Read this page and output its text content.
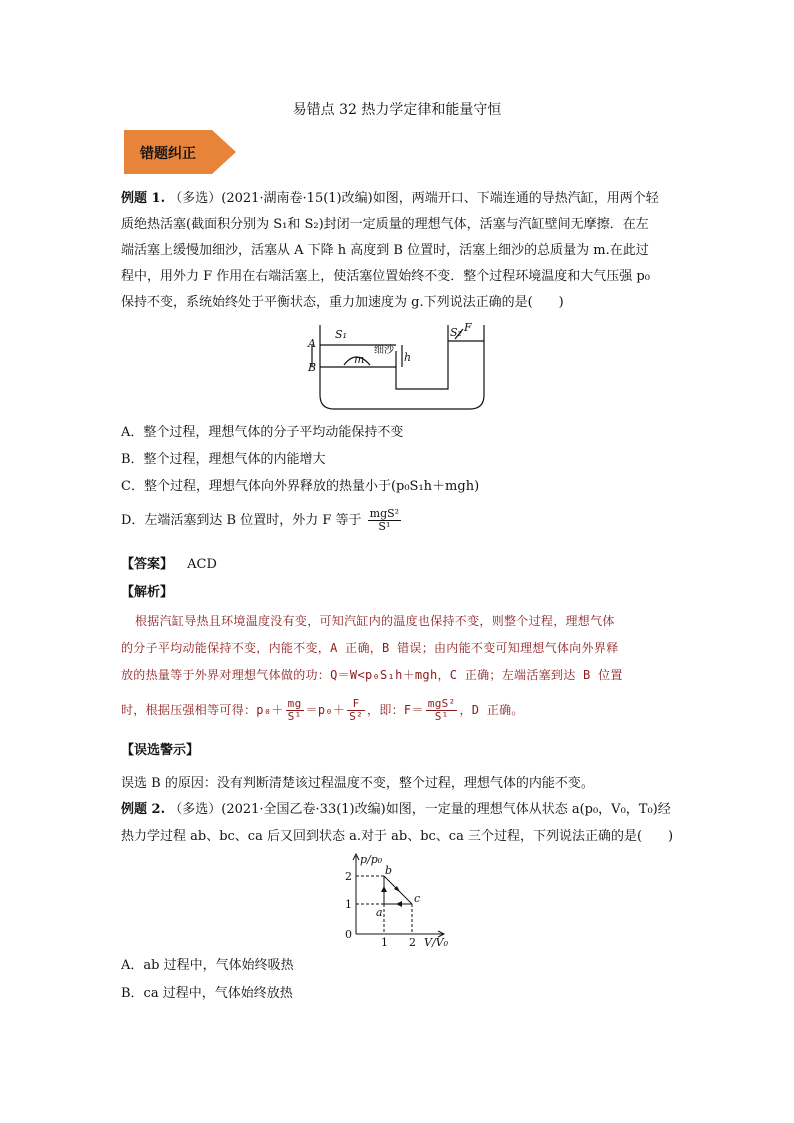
易错点 32 热力学定律和能量守恒
错题纠正
例题 1. （多选）(2021·湖南卷·15(1)改编)如图，两端开口、下端连通的导热汽缸，用两个轻
质绝热活塞(截面积分别为 S₁和 S₂)封闭一定质量的理想气体，活塞与汽缸壁间无摩擦．在左
端活塞上缓慢加细沙，活塞从 A 下降 h 高度到 B 位置时，活塞上细沙的总质量为 m.在此过
程中，用外力 F 作用在右端活塞上，使活塞位置始终不变．整个过程环境温度和大气压强 p₀
保持不变，系统始终处于平衡状态，重力加速度为 g.下列说法正确的是(　　)
S₁	S₂ F
A
B
h
m
细沙
A．整个过程，理想气体的分子平均动能保持不变
B．整个过程，理想气体的内能增大
C．整个过程，理想气体向外界释放的热量小于(p₀S₁h＋mgh)
D．左端活塞到达 B 位置时，外力 F 等于 $\frac{\text{mgS²}}{\text{S¹}}$
【答案】 ACD
【解析】
根据汽缸导热且环境温度没有变，可知汽缸内的温度也保持不变，则整个过程，理想气体
的分子平均动能保持不变，内能不变，A 正确，B 错误；由内能不变可知理想气体向外界释
放的热量等于外界对理想气体做的功：Q＝W<p₀S₁h＋mgh，C 正确；左端活塞到达 B 位置
时，根据压强相等可得：$p_0+ \frac{mg}{\text{S¹}} =p_0+ \frac{F}{\text{S²}}$ ，即：$F= \frac{\text{mgS²}}{\text{S¹}}$ ，D 正确。
【误选警示】
误选 B 的原因：没有判断清楚该过程温度不变，整个过程，理想气体的内能不变。
例题 2. （多选）(2021·全国乙卷·33(1)改编)如图，一定量的理想气体从状态 a(p₀，V₀，T₀)经
热力学过程 ab、bc、ca 后又回到状态 a.对于 ab、bc、ca 三个过程，下列说法正确的是(　　)
p/p₀
V/V₀
2
1
0
1 2
a
b
c
A．ab 过程中，气体始终吸热
B．ca 过程中，气体始终放热
